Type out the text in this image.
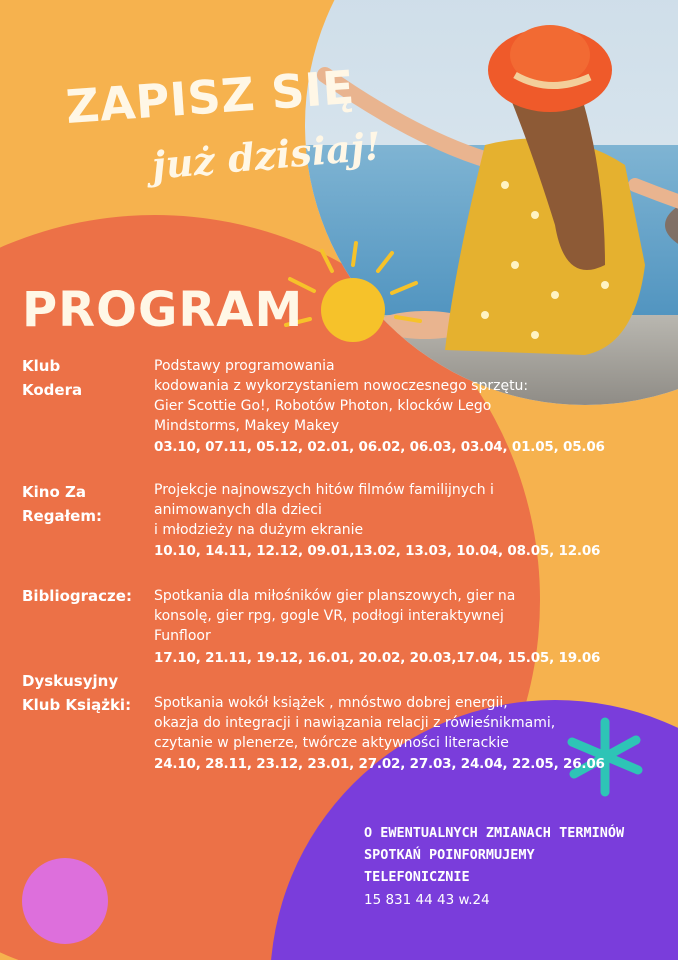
ZAPISZ SIĘ

już dzisiaj!

PROGRAM

Klub
Kodera

Podstawy programowania
kodowania z wykorzystaniem nowoczesnego sprzętu:
Gier Scottie Go!, Robotów Photon, klocków Lego
Mindstorms, Makey Makey

03.10, 07.11, 05.12, 02.01, 06.02, 06.03, 03.04, 01.05, 05.06

Kino Za
Regałem:

Projekcje najnowszych hitów filmów familijnych i
animowanych dla dzieci
i młodzieży na dużym ekranie

10.10, 14.11, 12.12, 09.01,13.02, 13.03, 10.04, 08.05, 12.06

Bibliogracze:	Spotkania dla miłośników gier planszowych, gier na
konsolę, gier rpg, gogle VR, podłogi interaktywnej
Funfloor

17.10, 21.11, 19.12, 16.01, 20.02, 20.03,17.04, 15.05, 19.06

Dyskusyjny
Klub Książki:	Spotkania wokół książek , mnóstwo dobrej energii,
okazja do integracji i nawiązania relacji z rówieśnikmami,
czytanie w plenerze, twórcze aktywności literackie

24.10, 28.11, 23.12, 23.01, 27.02, 27.03, 24.04, 22.05, 26.06

O EWENTUALNYCH ZMIANACH TERMINÓW
SPOTKAŃ POINFORMUJEMY
TELEFONICZNIE

15 831 44 43 w.24
